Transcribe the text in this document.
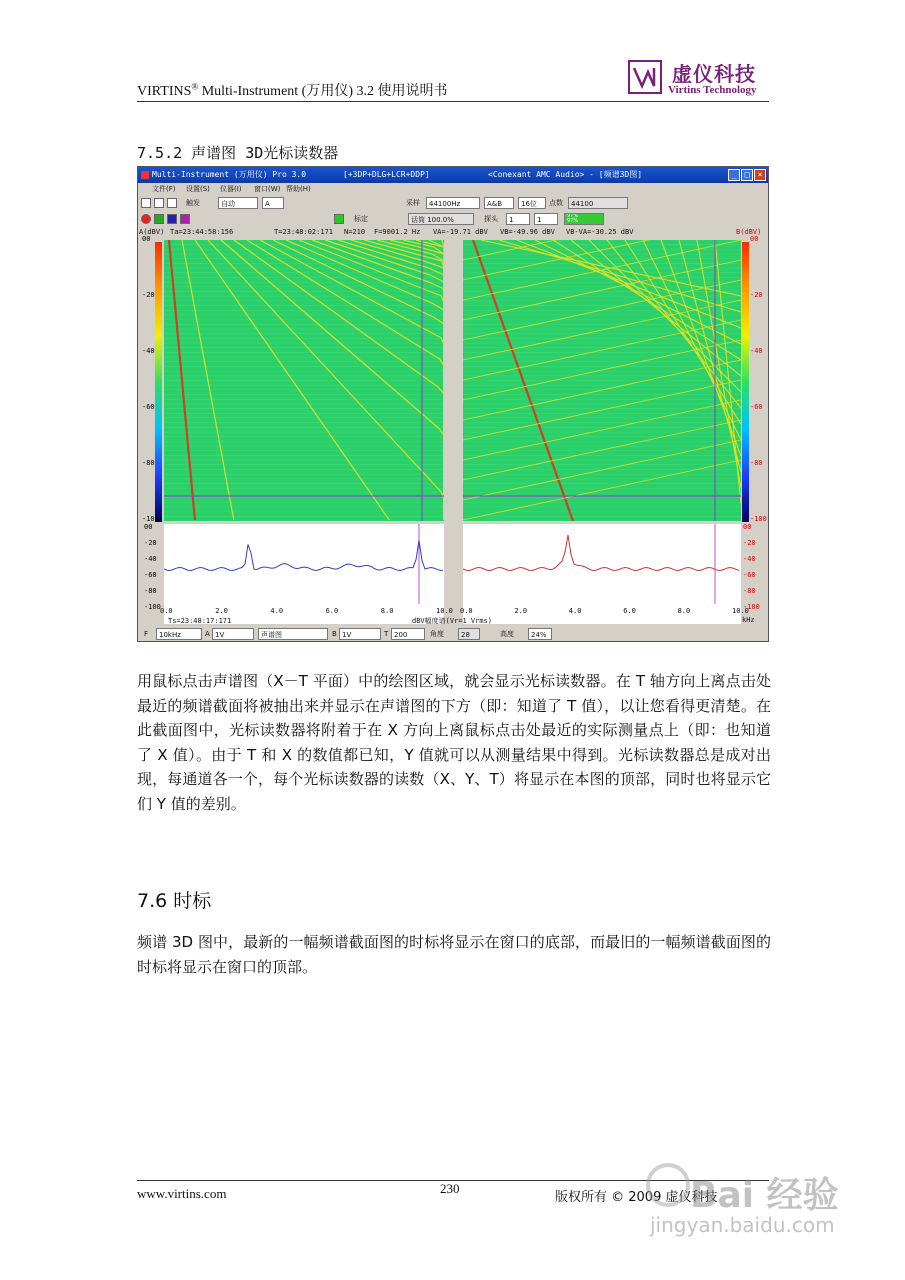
VIRTINS® Multi-Instrument (万用仪) 3.2 使用说明书
虚仪科技
Virtins Technology
7.5.2 声谱图 3D光标读数器
Multi-Instrument (万用仪) Pro 3.0	[+3DP+DLG+LCR+DDP]	<Conexant AMC Audio> - [频谱3D图]	_	□	×
文件(F) 设置(S) 仪器(I) 窗口(W) 帮助(H)
触发	自动	A	采样	44100Hz	A&B	16位	点数	44100
标定	话筒 100.0%	探头	1	1	97%
97%
A(dBV) Ta=23:44:58:156	T=23:48:02:171 N=210 F=9001.2 Hz VA=-19.71 dBV VB=-49.96 dBV VB-VA=-30.25 dBV	B(dBV)
00
-20
-40
-60
-80
-100
00
-20
-40
-60
-80
-100
00
-20
-40
-60
-80
-100
00
-20
-40
-60
-80
-100
0.0	2.0	4.0	6.0	8.0	10.0 0.0	2.0	4.0	6.0	8.0	10.0
dBV幅度谱(Vr=1 Vrms)	kHz
Ts=23:48:17:171
F	10kHz	A 1V	声谱图	B 1V	T 200	角度	28	高度	24%
用鼠标点击声谱图（X－T 平面）中的绘图区域，就会显示光标读数器。在 T 轴方向上离点击处最近的频谱截面将被抽出来并显示在声谱图的下方（即：知道了 T 值），以让您看得更清楚。在此截面图中，光标读数器将附着于在 X 方向上离鼠标点击处最近的实际测量点上（即：也知道了 X 值）。由于 T 和 X 的数值都已知，Y 值就可以从测量结果中得到。光标读数器总是成对出现，每通道各一个，每个光标读数器的读数（X、Y、T）将显示在本图的顶部，同时也将显示它们 Y 值的差别。
7.6 时标
频谱 3D 图中，最新的一幅频谱截面图的时标将显示在窗口的底部，而最旧的一幅频谱截面图的时标将显示在窗口的顶部。
www.virtins.com	230
版权所有 © 2009 虚仪科技
Bai 经验
jingyan.baidu.com
